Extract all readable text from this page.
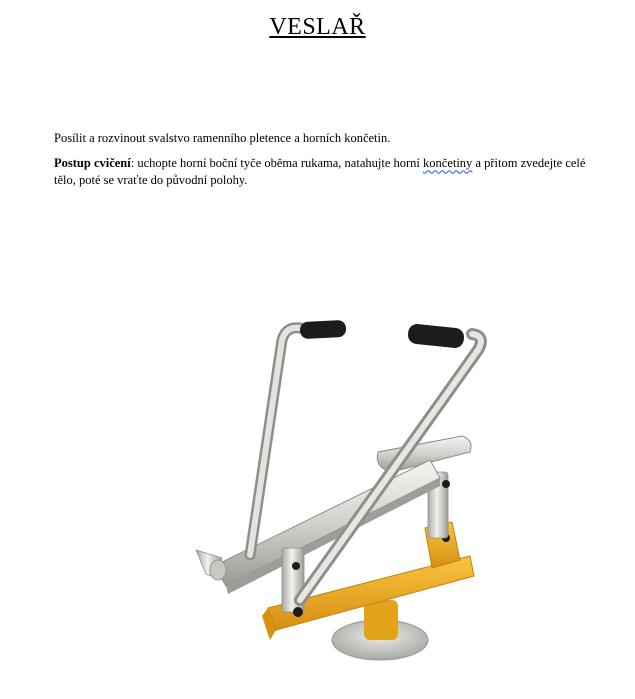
VESLAŘ
Posílit a rozvinout svalstvo ramenního pletence a horních končetin.
Postup cvičení: uchopte horní boční tyče oběma rukama, natahujte horní končetiny a přitom zvedejte celé tělo, poté se vraťte do původní polohy.
